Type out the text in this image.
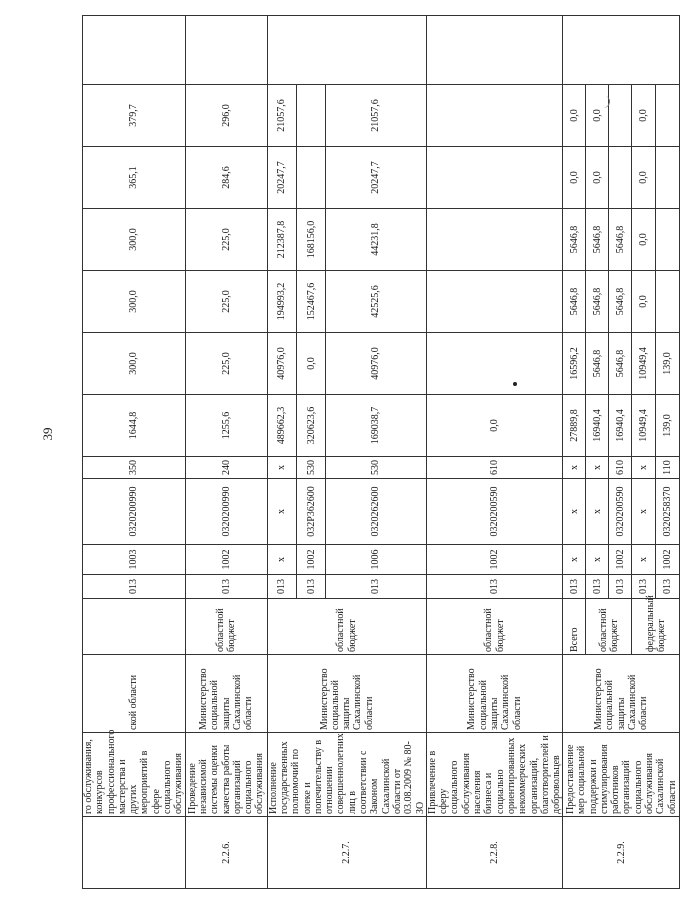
39
	го обслуживания, конкурсов профессионального мастерства и других мероприятий в сфере социального обслуживания	ской области		013	1003	0320200990	350	1644,8	300,0	300,0	300,0	365,1	379,7	
2.2.6.	Проведение независимой системы оценки качества работы организаций социального обслуживания	Министерство социальной защиты Сахалинской области	областной бюджет	013	1002	0320200990	240	1255,6	225,0	225,0	225,0	284,6	296,0	
2.2.7.	Исполнение государственных полномочий по опеке и попечительству в отношении совершеннолетних лиц в соответствии с Законом Сахалинской области от 03.08.2009 № 80-ЗО	Министерство социальной защиты Сахалинской области	областной бюджет	013	x	x	x	489662,3	40976,0	194993,2	212387,8	20247,7	21057,6	
				013	1002	032P362600	530	320623,6	0,0	152467,6	168156,0			
				013	1006	0320262600	530	169038,7	40976,0	42525,6	44231,8	20247,7	21057,6	
2.2.8.	Привлечение в сферу социального обслуживания населения бизнеса и социально ориентированных некоммерческих организаций, благотворителей и добровольцев	Министерство социальной защиты Сахалинской области	областной бюджет	013	1002	0320200590	610	0,0						
2.2.9.	Предоставление мер социальной поддержки и стимулирования работников организаций социального обслуживания Сахалинской области	Министерство социальной защиты Сахалинской области	Всего	013	x	x	x	27889,8	16596,2	5646,8	5646,8	0,0	0,0	
			областной бюджет	013	x	x	x	16940,4	5646,8	5646,8	5646,8	0,0	0,0	
				013	1002	0320200590	610	16940,4	5646,8	5646,8	5646,8			
			федеральный бюджет	013	x	x	x	10949,4	10949,4	0,0	0,0	0,0	0,0	
				013	1002	0320258370	110	139,0	139,0					
